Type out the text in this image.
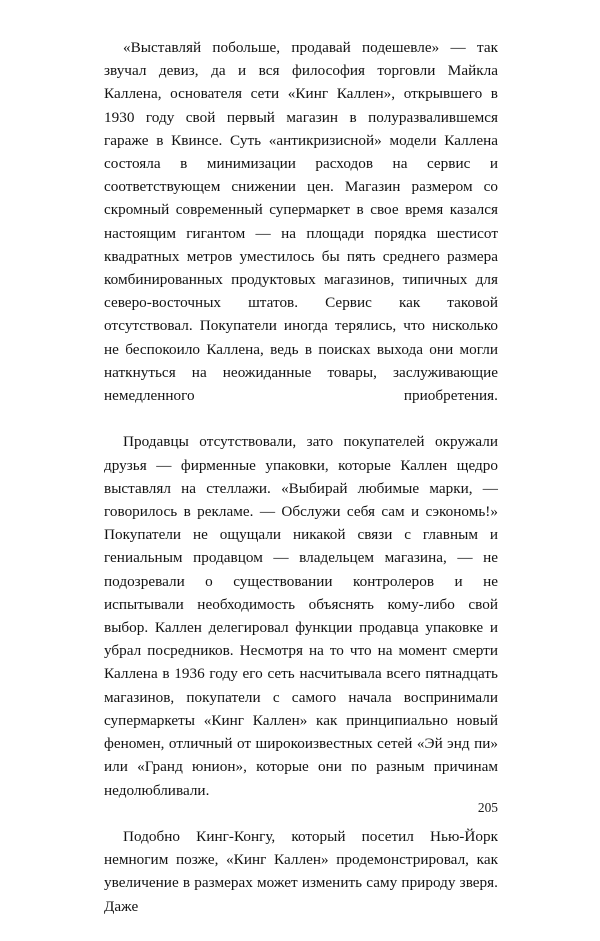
«Выставляй побольше, продавай подешевле» — так звучал девиз, да и вся философия торговли Майкла Каллена, основателя сети «Кинг Каллен», открывшего в 1930 году свой первый магазин в полуразвалившемся гараже в Квинсе. Суть «антикризисной» модели Каллена состояла в минимизации расходов на сервис и соответствующем снижении цен. Магазин размером со скромный современный супермаркет в свое время казался настоящим гигантом — на площади порядка шестисот квадратных метров уместилось бы пять среднего размера комбинированных продуктовых магазинов, типичных для северо-восточных штатов. Сервис как таковой отсутствовал. Покупатели иногда терялись, что нисколько не беспокоило Каллена, ведь в поисках выхода они могли наткнуться на неожиданные товары, заслуживающие немедленного приобретения.

Продавцы отсутствовали, зато покупателей окружали друзья — фирменные упаковки, которые Каллен щедро выставлял на стеллажи. «Выбирай любимые марки, — говорилось в рекламе. — Обслужи себя сам и сэкономь!» Покупатели не ощущали никакой связи с главным и гениальным продавцом — владельцем магазина, — не подозревали о существовании контролеров и не испытывали необходимость объяснять кому-либо свой выбор. Каллен делегировал функции продавца упаковке и убрал посредников. Несмотря на то что на момент смерти Каллена в 1936 году его сеть насчитывала всего пятнадцать магазинов, покупатели с самого начала воспринимали супермаркеты «Кинг Каллен» как принципиально новый феномен, отличный от широкоизвестных сетей «Эй энд пи» или «Гранд юнион», которые они по разным причинам недолюбливали.

Подобно Кинг-Конгу, который посетил Нью-Йорк немногим позже, «Кинг Каллен» продемонстрировал, как увеличение в размерах может изменить саму природу зверя. Даже

205
